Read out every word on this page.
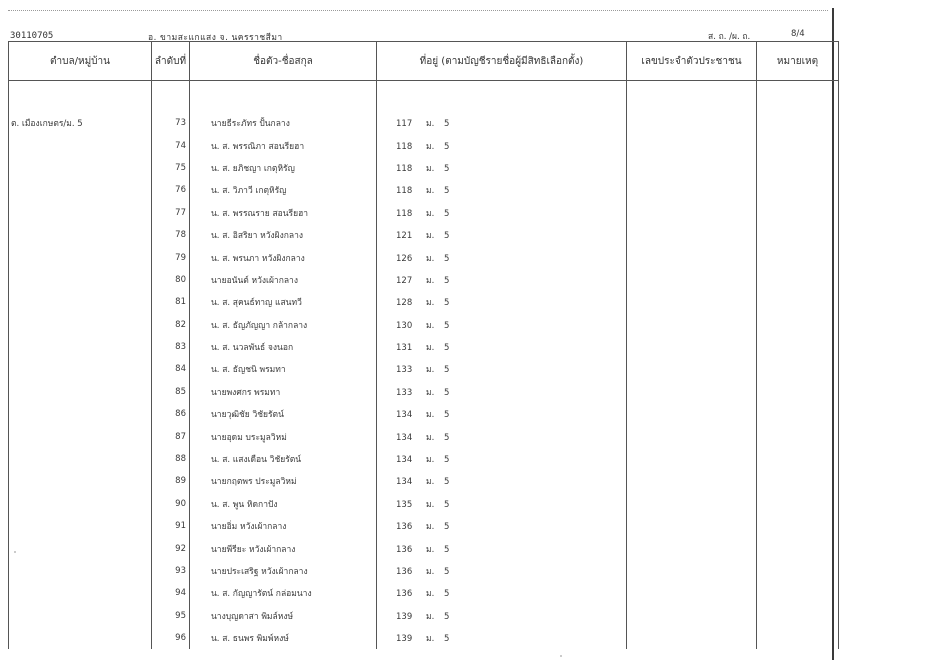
30110705	อ. ขามสะแกแสง จ. นครราชสีมา	ส. ถ. /ผ. ถ.	8/4
ตำบล/หมู่บ้าน	ลำดับที่	ชื่อตัว-ชื่อสกุล	ที่อยู่ (ตามบัญชีรายชื่อผู้มีสิทธิเลือกตั้ง)	เลขประจำตัวประชาชน	หมายเหตุ

ต. เมืองเกษตร/ม. 5	73	นายธีระภัทร ปั้นกลาง	117 ม. 5		
	74	น. ส. พรรณิภา สอนรียฮา	118 ม. 5		
	75	น. ส. ยภิชญา เกตุหิรัญ	118 ม. 5		
	76	น. ส. วิภาวี เกตุหิรัญ	118 ม. 5		
	77	น. ส. พรรณราย สอนรียฮา	118 ม. 5		
	78	น. ส. อิสริยา หวังผิงกลาง	121 ม. 5		
	79	น. ส. พรนภา หวังผิงกลาง	126 ม. 5		
	80	นายอนันต์ หวังเผ้ากลาง	127 ม. 5		
	81	น. ส. สุคนธ์ทาญ แสนทวี	128 ม. 5		
	82	น. ส. ธัญภัญญา กล้ากลาง	130 ม. 5		
	83	น. ส. นวลพันธ์ จงนอก	131 ม. 5		
	84	น. ส. ธัญชนิ พรมทา	133 ม. 5		
	85	นายพงศกร พรมทา	133 ม. 5		
	86	นายวุฒิชัย วิชัยรัตน์	134 ม. 5		
	87	นายอุดม บระมูลวิหม่	134 ม. 5		
	88	น. ส. แสงเดือน วิชัยรัตน์	134 ม. 5		
	89	นายกฤตพร ประมูลวิหม่	134 ม. 5		
	90	น. ส. พูน หิดกาปัง	135 ม. 5		
	91	นายอิ่ม หวังเผ้ากลาง	136 ม. 5		
	92	นายพีรียะ หวังเผ้ากลาง	136 ม. 5		
	93	นายประเสริฐ หวังเผ้ากลาง	136 ม. 5		
	94	น. ส. กัญญารัตน์ กล่อมนาง	136 ม. 5		
	95	นางบุญดาสา พิมล์หงษ์	139 ม. 5		
	96	น. ส. ธนพร พิมพ์หงษ์	139 ม. 5		
